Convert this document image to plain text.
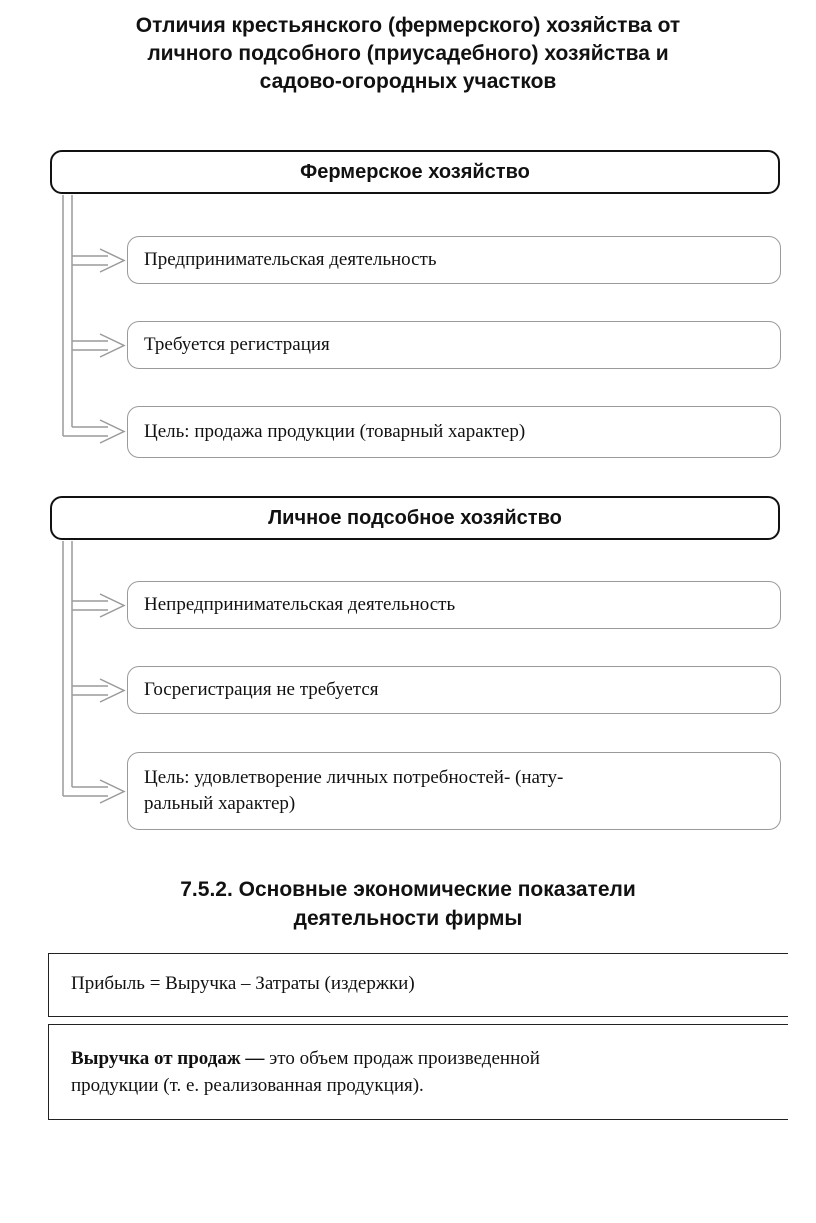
Отличия крестьянского (фермерского) хозяйства от
личного подсобного (приусадебного) хозяйства и
садово-огородных участков
Фермерское хозяйство
Предпринимательская деятельность
Требуется регистрация
Цель: продажа продукции (товарный характер)
Личное подсобное хозяйство
Непредпринимательская деятельность
Госрегистрация не требуется
Цель: удовлетворение личных потребностей- (нату-
ральный характер)
7.5.2. Основные экономические показатели
деятельности фирмы
Прибыль = Выручка – Затраты (издержки)
Выручка от продаж — это объем продаж произведенной
продукции (т. е. реализованная продукция).
